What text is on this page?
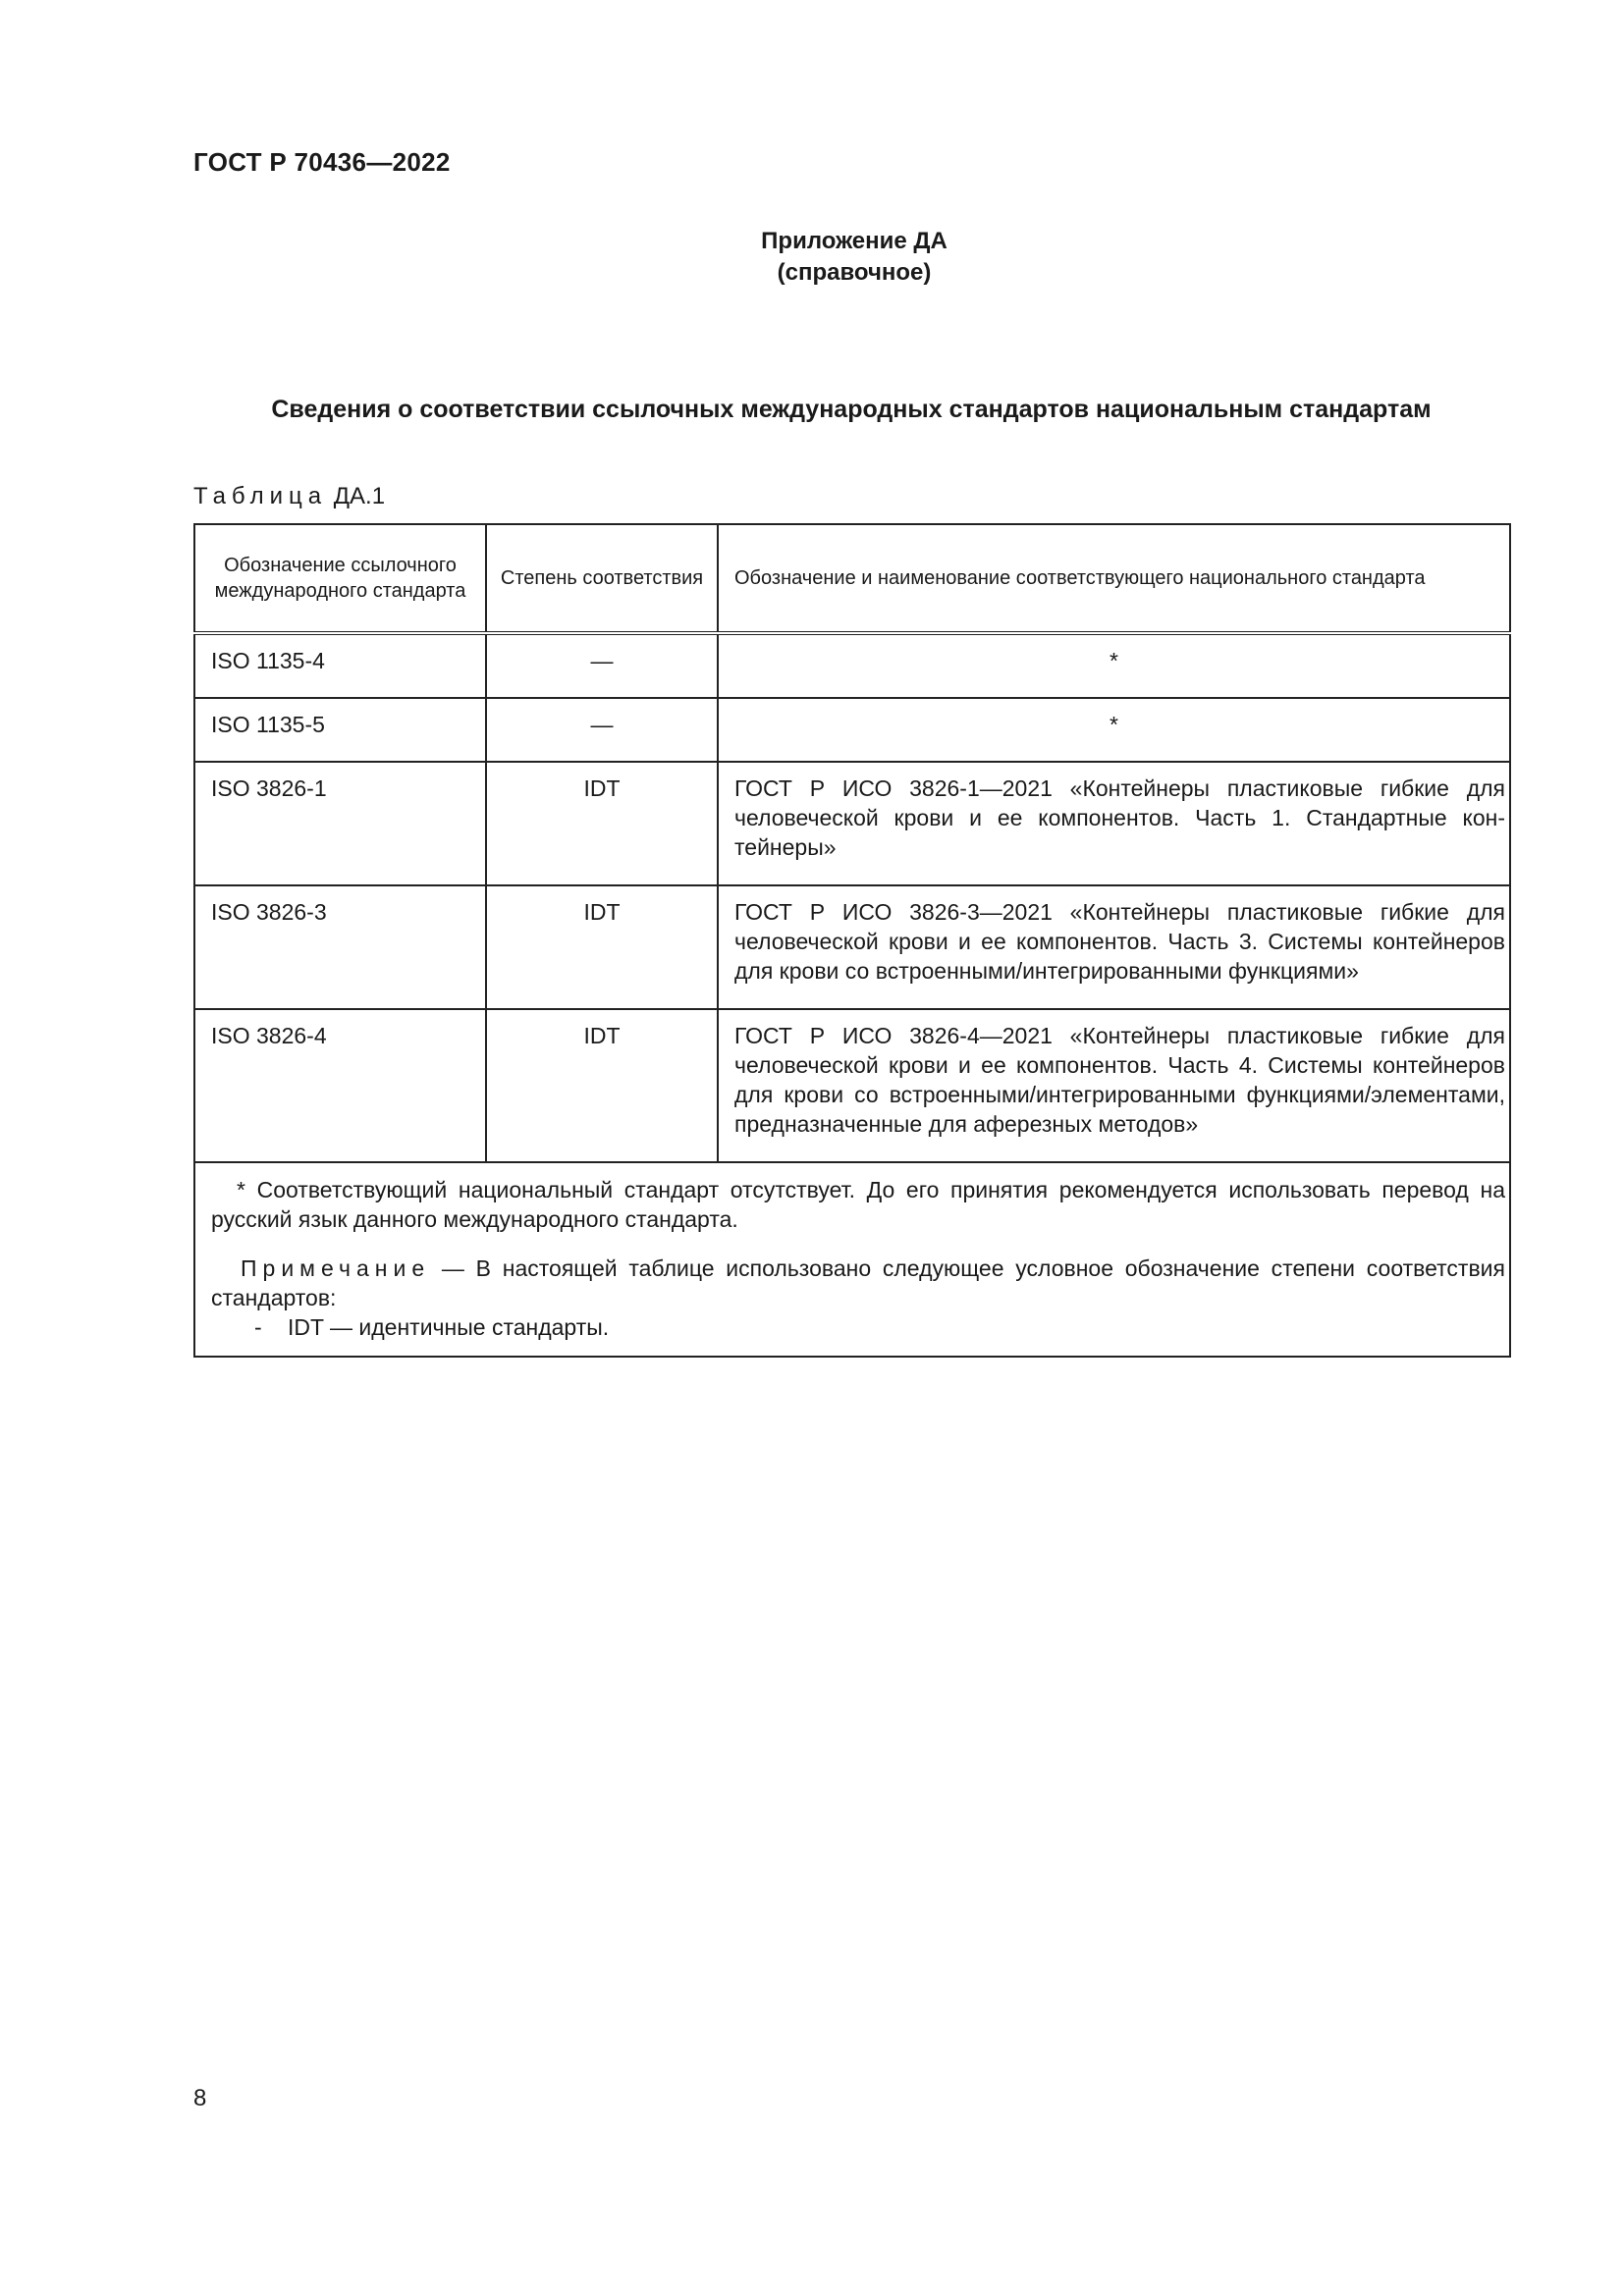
ГОСТ Р 70436—2022
Приложение ДА
(справочное)
Сведения о соответствии ссылочных международных стандартов национальным стандартам
Таблица ДА.1
Обозначение ссылочного международного стандарта	Степень соответствия	Обозначение и наименование соответствующего национального стандарта
ISO 1135-4	—	*
ISO 1135-5	—	*
ISO 3826-1	IDT	ГОСТ Р ИСО 3826-1—2021 «Контейнеры пластиковые гибкие для человеческой крови и ее компонентов. Часть 1. Стандартные контейнеры»
ISO 3826-3	IDT	ГОСТ Р ИСО 3826-3—2021 «Контейнеры пластиковые гибкие для человеческой крови и ее компонентов. Часть 3. Системы контейнеров для крови со встроенными/интегрированными функциями»
ISO 3826-4	IDT	ГОСТ Р ИСО 3826-4—2021 «Контейнеры пластиковые гибкие для человеческой крови и ее компонентов. Часть 4. Системы контейнеров для крови со встроенными/интегрированными функциями/элементами, предназначенные для аферезных методов»

* Соответствующий национальный стандарт отсутствует. До его принятия рекомендуется использовать перевод на русский язык данного международного стандарта.

Примечание — В настоящей таблице использовано следующее условное обозначение степени соответствия стандартов:

- IDT — идентичные стандарты.		
8
